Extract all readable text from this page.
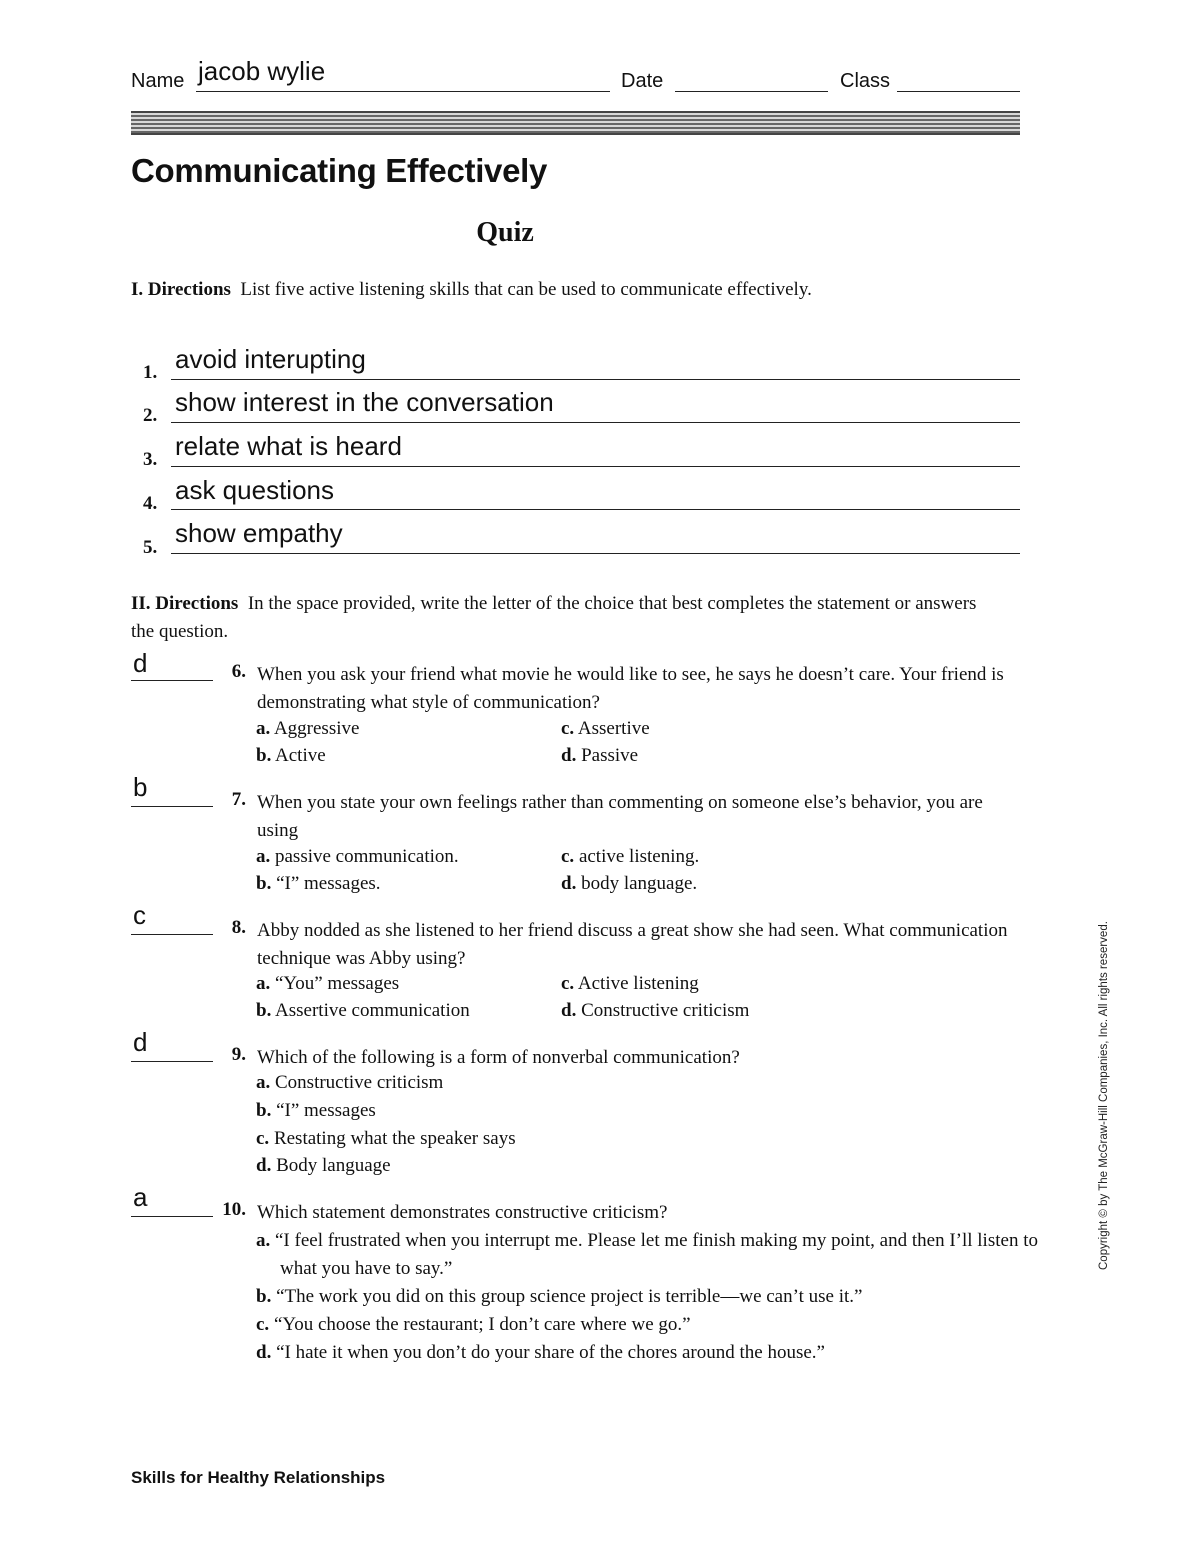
Name jacob wylie	Date	Class
Communicating Effectively
Quiz
I. Directions List five active listening skills that can be used to communicate effectively.
1. avoid interupting
2. show interest in the conversation
3. relate what is heard
4. ask questions
5. show empathy
II. Directions In the space provided, write the letter of the choice that best completes the statement or answers the question.
d	6. When you ask your friend what movie he would like to see, he says he doesn’t care. Your friend is demonstrating what style of communication?
a. Aggressive
b. Active
c. Assertive
d. Passive
b	7. When you state your own feelings rather than commenting on someone else’s behavior, you are using
a. passive communication.
b. “I” messages.
c. active listening.
d. body language.
c	8. Abby nodded as she listened to her friend discuss a great show she had seen. What communication technique was Abby using?
a. “You” messages
b. Assertive communication
c. Active listening
d. Constructive criticism
d	9. Which of the following is a form of nonverbal communication?
a. Constructive criticism
b. “I” messages
c. Restating what the speaker says
d. Body language
a	10. Which statement demonstrates constructive criticism?
a. “I feel frustrated when you interrupt me. Please let me finish making my point, and then I’ll listen to what you have to say.”
b. “The work you did on this group science project is terrible—we can’t use it.”
c. “You choose the restaurant; I don’t care where we go.”
d. “I hate it when you don’t do your share of the chores around the house.”
Copyright © by The McGraw-Hill Companies, Inc. All rights reserved.
Skills for Healthy Relationships
